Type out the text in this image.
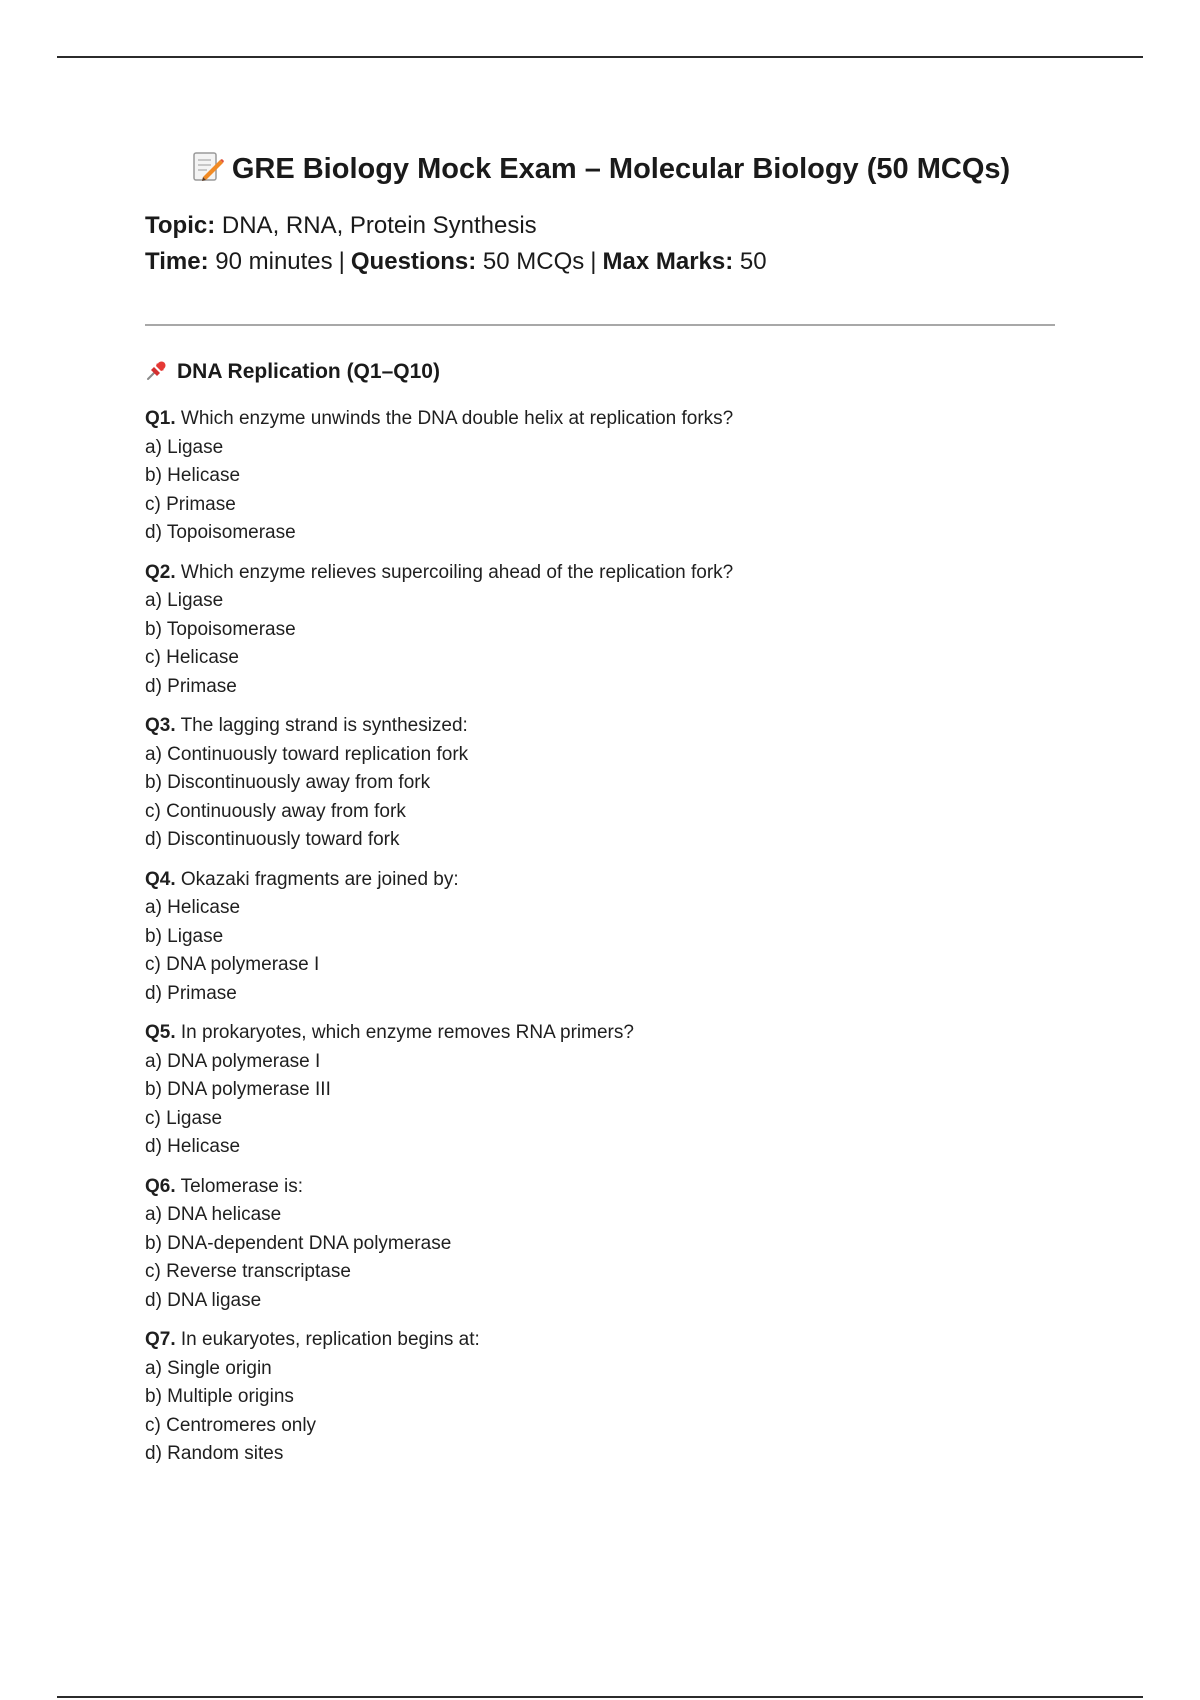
GRE Biology Mock Exam – Molecular Biology (50 MCQs)
Topic: DNA, RNA, Protein Synthesis
Time: 90 minutes | Questions: 50 MCQs | Max Marks: 50
DNA Replication (Q1–Q10)
Q1. Which enzyme unwinds the DNA double helix at replication forks?
a) Ligase
b) Helicase
c) Primase
d) Topoisomerase
Q2. Which enzyme relieves supercoiling ahead of the replication fork?
a) Ligase
b) Topoisomerase
c) Helicase
d) Primase
Q3. The lagging strand is synthesized:
a) Continuously toward replication fork
b) Discontinuously away from fork
c) Continuously away from fork
d) Discontinuously toward fork
Q4. Okazaki fragments are joined by:
a) Helicase
b) Ligase
c) DNA polymerase I
d) Primase
Q5. In prokaryotes, which enzyme removes RNA primers?
a) DNA polymerase I
b) DNA polymerase III
c) Ligase
d) Helicase
Q6. Telomerase is:
a) DNA helicase
b) DNA-dependent DNA polymerase
c) Reverse transcriptase
d) DNA ligase
Q7. In eukaryotes, replication begins at:
a) Single origin
b) Multiple origins
c) Centromeres only
d) Random sites
